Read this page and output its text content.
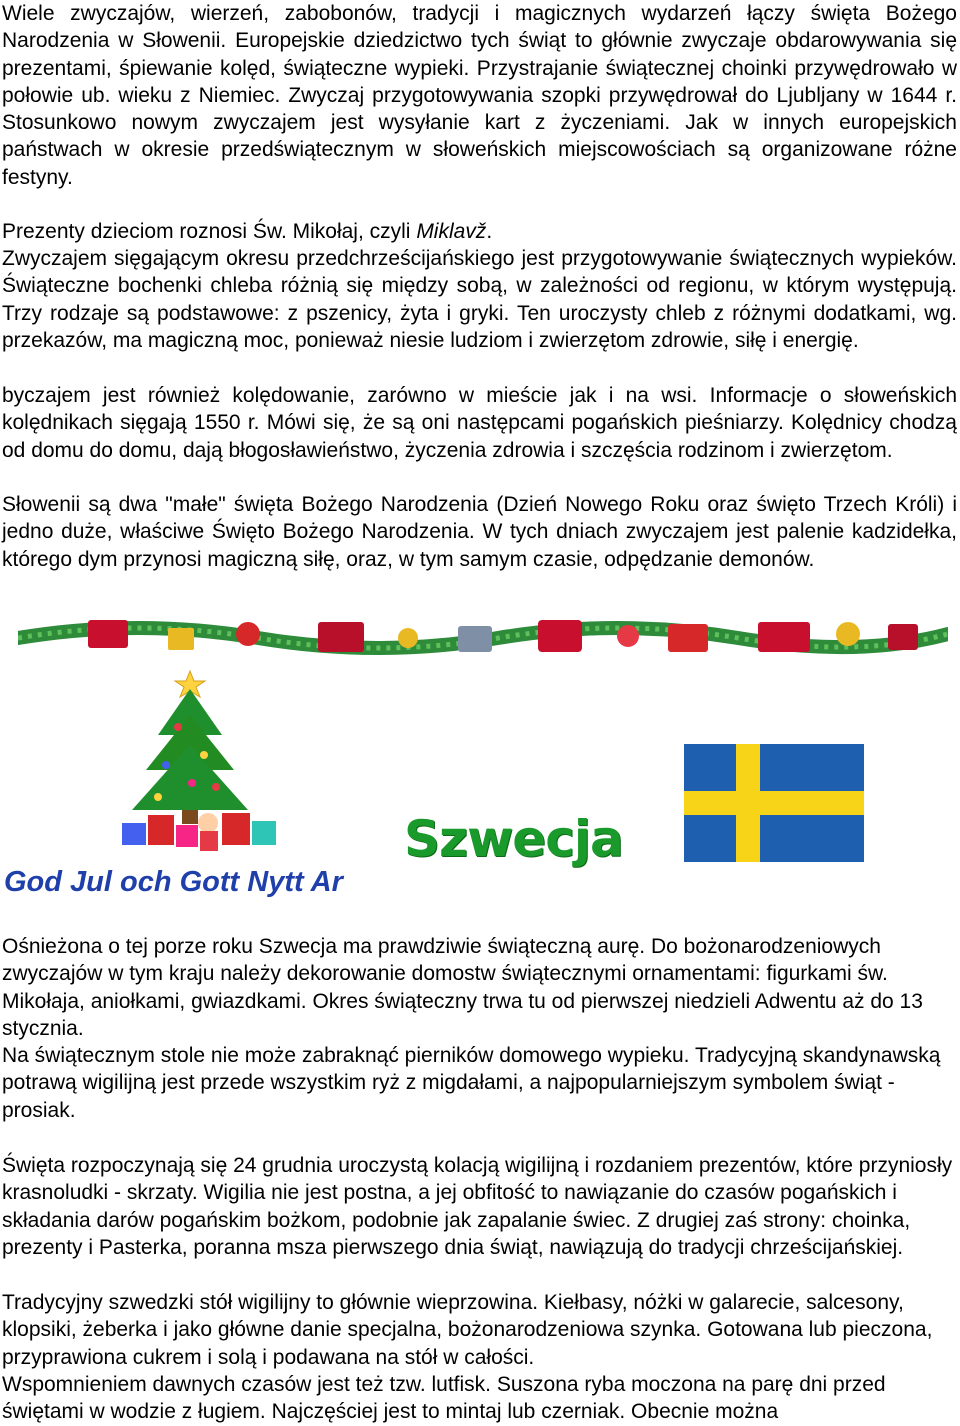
Wiele zwyczajów, wierzeń, zabobonów, tradycji i magicznych wydarzeń łączy święta Bożego Narodzenia w Słowenii. Europejskie dziedzictwo tych świąt to głównie zwyczaje obdarowywania się prezentami, śpiewanie kolęd, świąteczne wypieki. Przystrajanie świątecznej choinki przywędrowało w połowie ub. wieku z Niemiec. Zwyczaj przygotowywania szopki przywędrował do Ljubljany w 1644 r. Stosunkowo nowym zwyczajem jest wysyłanie kart z życzeniami. Jak w innych europejskich państwach w okresie przedświątecznym w słoweńskich miejscowościach są organizowane różne festyny.

Prezenty dzieciom roznosi Św. Mikołaj, czyli Miklavž.

Zwyczajem sięgającym okresu przedchrześcijańskiego jest przygotowywanie świątecznych wypieków. Świąteczne bochenki chleba różnią się między sobą, w zależności od regionu, w którym występują. Trzy rodzaje są podstawowe: z pszenicy, żyta i gryki. Ten uroczysty chleb z różnymi dodatkami, wg. przekazów, ma magiczną moc, ponieważ niesie ludziom i zwierzętom zdrowie, siłę i energię.

byczajem jest również kolędowanie, zarówno w mieście jak i na wsi. Informacje o słoweńskich kolędnikach sięgają 1550 r. Mówi się, że są oni następcami pogańskich pieśniarzy. Kolędnicy chodzą od domu do domu, dają błogosławieństwo, życzenia zdrowia i szczęścia rodzinom i zwierzętom.

Słowenii są dwa "małe" święta Bożego Narodzenia (Dzień Nowego Roku oraz święto Trzech Króli) i jedno duże, właściwe Święto Bożego Narodzenia. W tych dniach zwyczajem jest palenie kadzidełka, którego dym przynosi magiczną siłę, oraz, w tym samym czasie, odpędzanie demonów.

Szwecja
God Jul och Gott Nytt Ar

Ośnieżona o tej porze roku Szwecja ma prawdziwie świąteczną aurę. Do bożonarodzeniowych zwyczajów w tym kraju należy dekorowanie domostw świątecznymi ornamentami: figurkami św. Mikołaja, aniołkami, gwiazdkami. Okres świąteczny trwa tu od pierwszej niedzieli Adwentu aż do 13 stycznia.

Na świątecznym stole nie może zabraknąć pierników domowego wypieku. Tradycyjną skandynawską potrawą wigilijną jest przede wszystkim ryż z migdałami, a najpopularniejszym symbolem świąt - prosiak.

Święta rozpoczynają się 24 grudnia uroczystą kolacją wigilijną i rozdaniem prezentów, które przyniosły krasnoludki - skrzaty. Wigilia nie jest postna, a jej obfitość to nawiązanie do czasów pogańskich i składania darów pogańskim bożkom, podobnie jak zapalanie świec. Z drugiej zaś strony: choinka, prezenty i Pasterka, poranna msza pierwszego dnia świąt, nawiązują do tradycji chrześcijańskiej.

Tradycyjny szwedzki stół wigilijny to głównie wieprzowina. Kiełbasy, nóżki w galarecie, salcesony, klopsiki, żeberka i jako główne danie specjalna, bożonarodzeniowa szynka. Gotowana lub pieczona, przyprawiona cukrem i solą i podawana na stół w całości.

Wspomnieniem dawnych czasów jest też tzw. lutfisk. Suszona ryba moczona na parę dni przed świętami w wodzie z ługiem. Najczęściej jest to mintaj lub czerniak. Obecnie można
